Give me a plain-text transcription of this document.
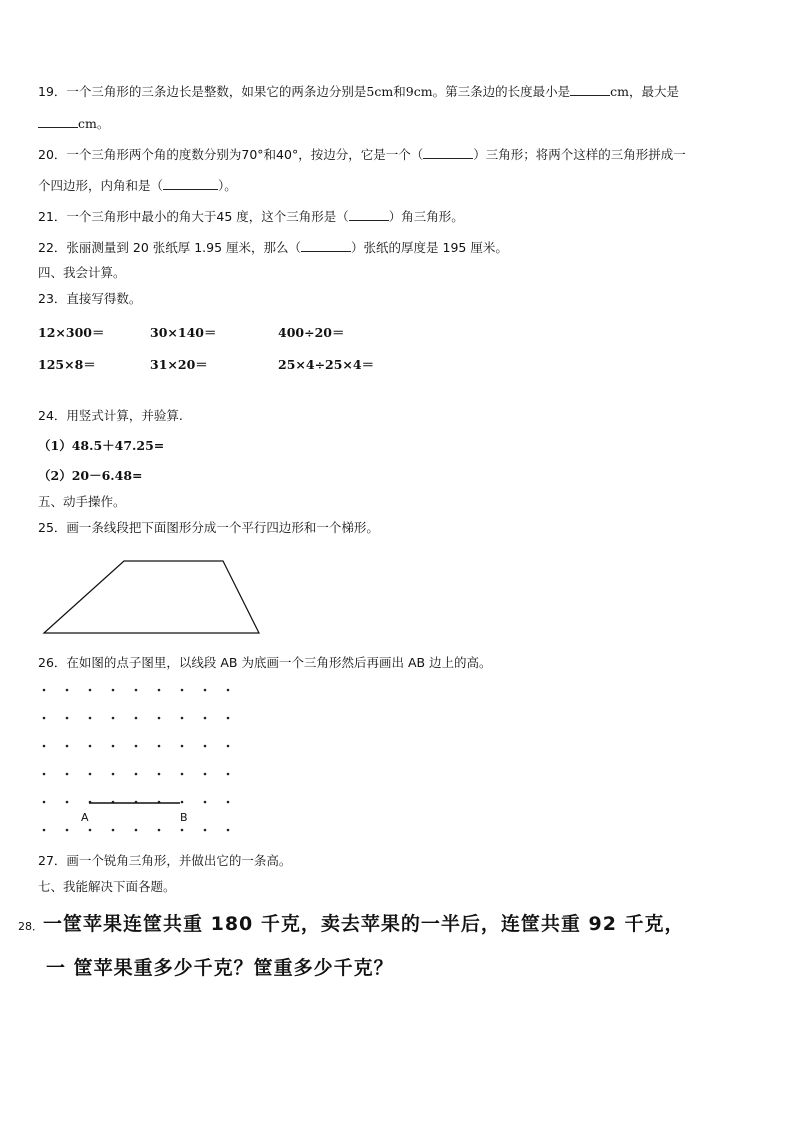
19．一个三角形的三条边长是整数，如果它的两条边分别是5cm和9cm。第三条边的长度最小是	cm，最大是
cm。
20．一个三角形两个角的度数分别为70°和40°，按边分，它是一个（	）三角形；将两个这样的三角形拼成一
个四边形，内角和是（	）。
21．一个三角形中最小的角大于45 度，这个三角形是（	）角三角形。
22．张丽测量到 20 张纸厚 1.95 厘米，那么（	）张纸的厚度是 195 厘米。
四、我会计算。
23．直接写得数。
12×300＝	30×140＝	400÷20＝
125×8＝	31×20＝	25×4÷25×4＝
24．用竖式计算，并验算.
（1）48.5＋47.25=
（2）20－6.48=
五、动手操作。
25．画一条线段把下面图形分成一个平行四边形和一个梯形。
26．在如图的点子图里，以线段 AB 为底画一个三角形然后再画出 AB 边上的高。
A	B
27．画一个锐角三角形，并做出它的一条高。
七、我能解决下面各题。
28．一筐苹果连筐共重 180 千克，卖去苹果的一半后，连筐共重 92 千克，
一 筐苹果重多少千克？筐重多少千克？
